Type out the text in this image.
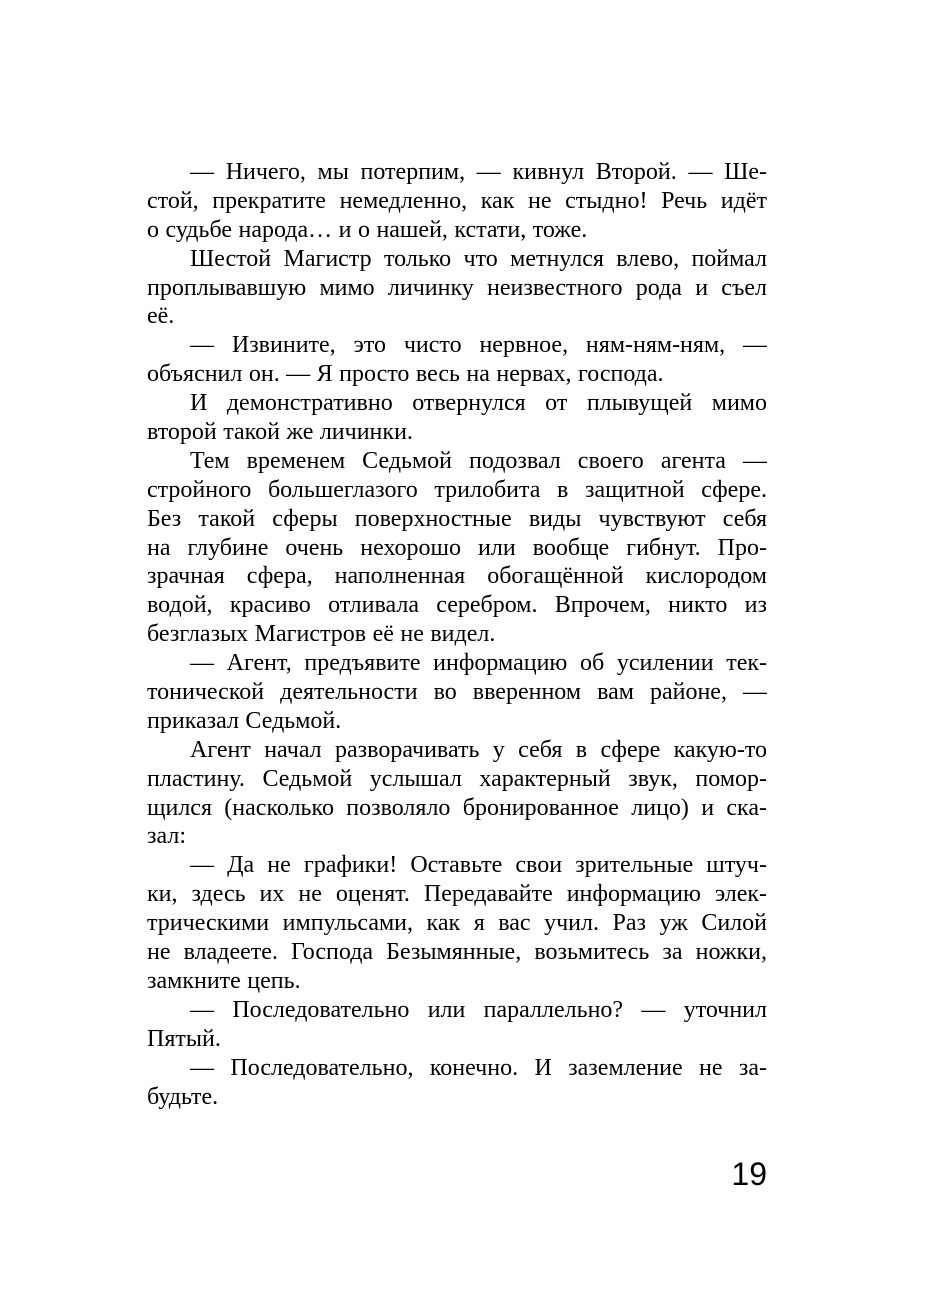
— Ничего, мы потерпим, — кивнул Второй. — Ше-
стой, прекратите немедленно, как не стыдно! Речь идёт
о судьбе народа… и о нашей, кстати, тоже.

Шестой Магистр только что метнулся влево, поймал
проплывавшую мимо личинку неизвестного рода и съел
её.

— Извините, это чисто нервное, ням-ням-ням, —
объяснил он. — Я просто весь на нервах, господа.

И демонстративно отвернулся от плывущей мимо
второй такой же личинки.

Тем временем Седьмой подозвал своего агента —
стройного большеглазого трилобита в защитной сфере.
Без такой сферы поверхностные виды чувствуют себя
на глубине очень нехорошо или вообще гибнут. Про-
зрачная сфера, наполненная обогащённой кислородом
водой, красиво отливала серебром. Впрочем, никто из
безглазых Магистров её не видел.

— Агент, предъявите информацию об усилении тек-
тонической деятельности во вверенном вам районе, —
приказал Седьмой.

Агент начал разворачивать у себя в сфере какую-то
пластину. Седьмой услышал характерный звук, помор-
щился (насколько позволяло бронированное лицо) и ска-
зал:

— Да не графики! Оставьте свои зрительные штуч-
ки, здесь их не оценят. Передавайте информацию элек-
трическими импульсами, как я вас учил. Раз уж Силой
не владеете. Господа Безымянные, возьмитесь за ножки,
замкните цепь.

— Последовательно или параллельно? — уточнил
Пятый.

— Последовательно, конечно. И заземление не за-
будьте.

19
